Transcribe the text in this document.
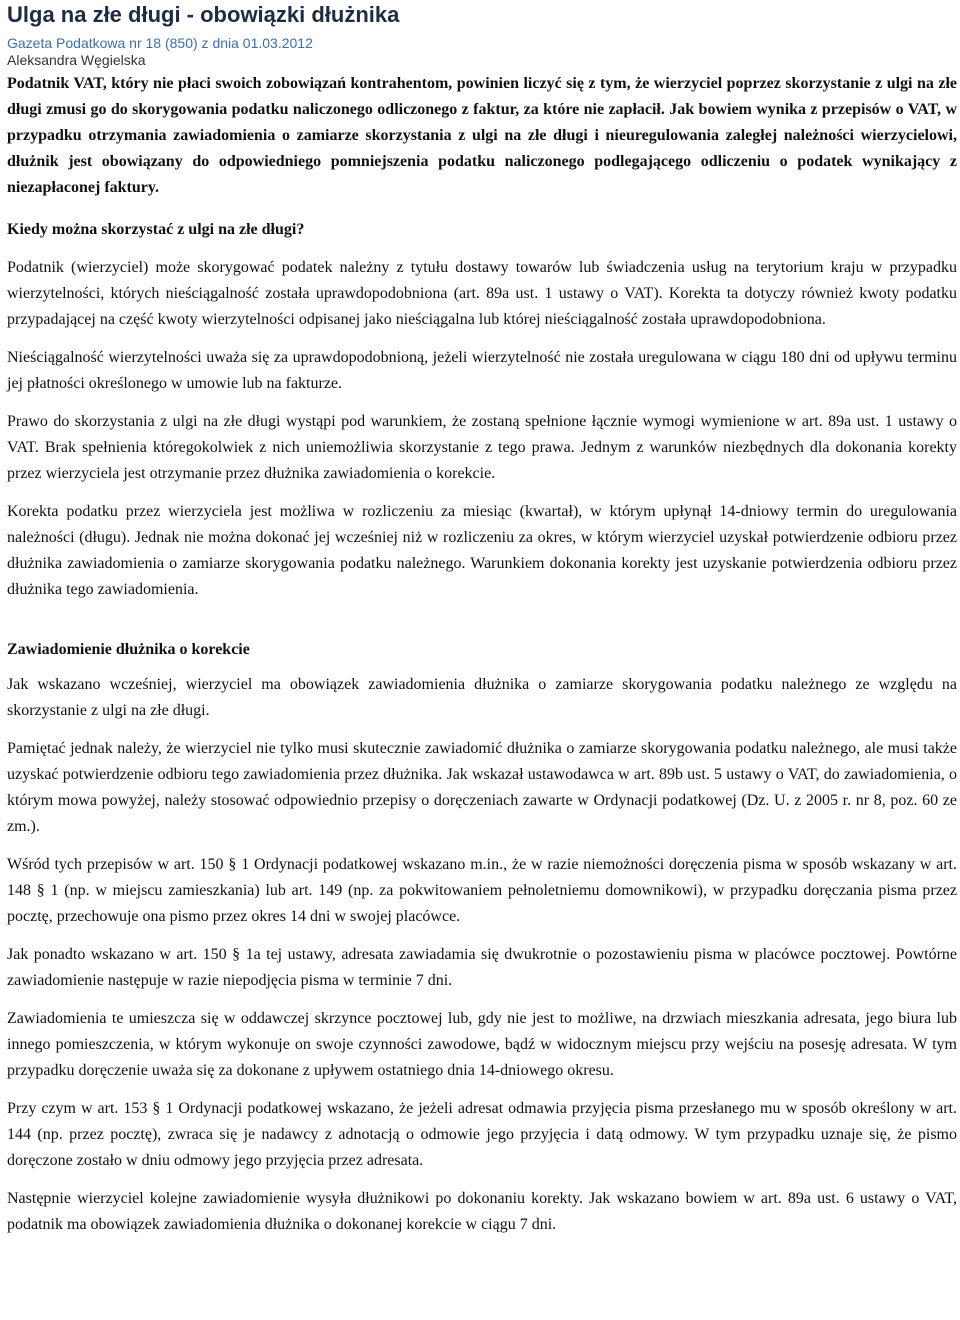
Ulga na złe długi - obowiązki dłużnika
Gazeta Podatkowa nr 18 (850) z dnia 01.03.2012
Aleksandra Węgielska

Podatnik VAT, który nie płaci swoich zobowiązań kontrahentom, powinien liczyć się z tym, że wierzyciel poprzez skorzystanie z ulgi na złe długi zmusi go do skorygowania podatku naliczonego odliczonego z faktur, za które nie zapłacił. Jak bowiem wynika z przepisów o VAT, w przypadku otrzymania zawiadomienia o zamiarze skorzystania z ulgi na złe długi i nieuregulowania zaległej należności wierzycielowi, dłużnik jest obowiązany do odpowiedniego pomniejszenia podatku naliczonego podlegającego odliczeniu o podatek wynikający z niezapłaconej faktury.

Kiedy można skorzystać z ulgi na złe długi?

Podatnik (wierzyciel) może skorygować podatek należny z tytułu dostawy towarów lub świadczenia usług na terytorium kraju w przypadku wierzytelności, których nieściągalność została uprawdopodobniona (art. 89a ust. 1 ustawy o VAT). Korekta ta dotyczy również kwoty podatku przypadającej na część kwoty wierzytelności odpisanej jako nieściągalna lub której nieściągalność została uprawdopodobniona.

Nieściągalność wierzytelności uważa się za uprawdopodobnioną, jeżeli wierzytelność nie została uregulowana w ciągu 180 dni od upływu terminu jej płatności określonego w umowie lub na fakturze.

Prawo do skorzystania z ulgi na złe długi wystąpi pod warunkiem, że zostaną spełnione łącznie wymogi wymienione w art. 89a ust. 1 ustawy o VAT. Brak spełnienia któregokolwiek z nich uniemożliwia skorzystanie z tego prawa. Jednym z warunków niezbędnych dla dokonania korekty przez wierzyciela jest otrzymanie przez dłużnika zawiadomienia o korekcie.

Korekta podatku przez wierzyciela jest możliwa w rozliczeniu za miesiąc (kwartał), w którym upłynął 14-dniowy termin do uregulowania należności (długu). Jednak nie można dokonać jej wcześniej niż w rozliczeniu za okres, w którym wierzyciel uzyskał potwierdzenie odbioru przez dłużnika zawiadomienia o zamiarze skorygowania podatku należnego. Warunkiem dokonania korekty jest uzyskanie potwierdzenia odbioru przez dłużnika tego zawiadomienia.

Zawiadomienie dłużnika o korekcie

Jak wskazano wcześniej, wierzyciel ma obowiązek zawiadomienia dłużnika o zamiarze skorygowania podatku należnego ze względu na skorzystanie z ulgi na złe długi.

Pamiętać jednak należy, że wierzyciel nie tylko musi skutecznie zawiadomić dłużnika o zamiarze skorygowania podatku należnego, ale musi także uzyskać potwierdzenie odbioru tego zawiadomienia przez dłużnika. Jak wskazał ustawodawca w art. 89b ust. 5 ustawy o VAT, do zawiadomienia, o którym mowa powyżej, należy stosować odpowiednio przepisy o doręczeniach zawarte w Ordynacji podatkowej (Dz. U. z 2005 r. nr 8, poz. 60 ze zm.).

Wśród tych przepisów w art. 150 § 1 Ordynacji podatkowej wskazano m.in., że w razie niemożności doręczenia pisma w sposób wskazany w art. 148 § 1 (np. w miejscu zamieszkania) lub art. 149 (np. za pokwitowaniem pełnoletniemu domownikowi), w przypadku doręczania pisma przez pocztę, przechowuje ona pismo przez okres 14 dni w swojej placówce.

Jak ponadto wskazano w art. 150 § 1a tej ustawy, adresata zawiadamia się dwukrotnie o pozostawieniu pisma w placówce pocztowej. Powtórne zawiadomienie następuje w razie niepodjęcia pisma w terminie 7 dni.

Zawiadomienia te umieszcza się w oddawczej skrzynce pocztowej lub, gdy nie jest to możliwe, na drzwiach mieszkania adresata, jego biura lub innego pomieszczenia, w którym wykonuje on swoje czynności zawodowe, bądź w widocznym miejscu przy wejściu na posesję adresata. W tym przypadku doręczenie uważa się za dokonane z upływem ostatniego dnia 14-dniowego okresu.

Przy czym w art. 153 § 1 Ordynacji podatkowej wskazano, że jeżeli adresat odmawia przyjęcia pisma przesłanego mu w sposób określony w art. 144 (np. przez pocztę), zwraca się je nadawcy z adnotacją o odmowie jego przyjęcia i datą odmowy. W tym przypadku uznaje się, że pismo doręczone zostało w dniu odmowy jego przyjęcia przez adresata.

Następnie wierzyciel kolejne zawiadomienie wysyła dłużnikowi po dokonaniu korekty. Jak wskazano bowiem w art. 89a ust. 6 ustawy o VAT, podatnik ma obowiązek zawiadomienia dłużnika o dokonanej korekcie w ciągu 7 dni.
